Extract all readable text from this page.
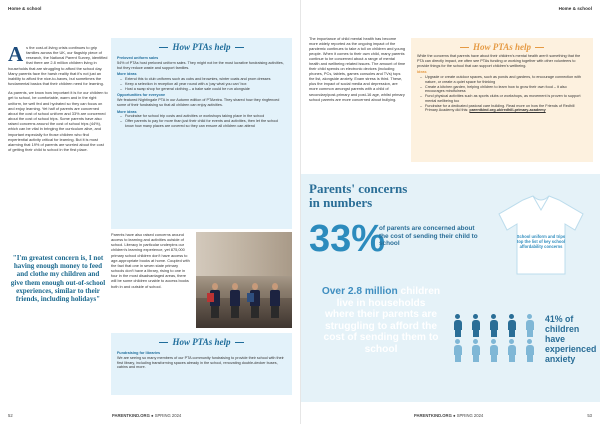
Home & school

As the cost-of-living crisis continues to grip families across the UK, our flagship piece of research, the National Parent Survey, identified that there are 2.8 million children living in households that are struggling to afford the school day. Many parents face the harsh reality that it's not just an inability to afford the nice-to-haves, but sometimes the fundamental basics that their children need for learning.

As parents, we know how important it is for our children to get to school, be comfortable, warm and in the right uniform, be well fed and hydrated so they can focus on and enjoy learning. Yet half of parents are concerned about the cost of school uniform and 33% are concerned about the cost of school trips. Some parents have also raised concerns around the cost of school trips (44%), which can be vital in bringing the curriculum alive, and important especially for those children who find experiential activity critical for learning. But it is most alarming that 19% of parents are worried about the cost of getting their child to school in the first place.

"I'm greatest concern is, I not having enough money to feed and clothe my children and give them enough out-of-school experiences, similar to their friends, including holidays"
How PTAs help
Preloved uniform sales

54% of PTAs host preloved uniform sales. They might not be the most lucrative fundraising activities, but they reduce waste and support families.

More ideas
– Extend this to club uniforms such as cubs and brownies, winter coats and prom dresses
– Keep a selection in reception all year round with a 'pay what you can' box
– Host a swap shop for general clothing – a bake sale could be run alongside
Opportunities for everyone

We featured Nightingale PTA in our Autumn edition of PTAextra. They shared how they ringfenced some of their fundraising so that all children can enjoy activities.

More ideas
– Fundraise for school trip costs and activities or workshops taking place in the school
– Offer parents to pay for more than just their child for events and activities, then let the school know how many places are covered so they can ensure all children can attend
Parents have also raised concerns around access to learning and activities outside of school. Literacy in particular underpins our children's learning experience, yet 875,000 primary school children don't have access to age-appropriate books at home. Coupled with the fact that one in seven state primary schools don't have a library, rising to one in four in the most disadvantaged areas, there will be some children unable to access books both in and outside of school.
How PTAs help
Fundraising for libraries

We are seeing so many members of our PTA community fundraising to provide their school with their first library, including transforming spaces already in the school, renovating double-decker buses, cabins and more.

52	PARENTKIND.ORG ● SPRING 2024
Home & school
The importance of child mental health has become more widely reported as the ongoing impact of the pandemic continues to take a toll on children and young people. When it comes to their own child, many parents continue to be concerned about a range of mental health and wellbeing related issues. The amount of time their child spends on electronic devices (including phones, PCs, tablets, games consoles and TVs) tops the list, alongside anxiety. Exam stress is third. These, plus the impact of social media and depression, are more common amongst parents with a child of secondary/post-primary and post-16 age, whilst primary school parents are more concerned about bullying.
How PTAs help

While the concerns that parents have about their children's mental health aren't something that the PTA can directly impact, we often see PTAs funding or working together with other volunteers to provide things for the school that can support children's wellbeing.

Ideas
– Upgrade or create outdoor spaces, such as ponds and gardens, to encourage connection with nature, or create a quiet space for thinking
– Create a kitchen garden, helping children to learn how to grow their own food – it also encourages mindfulness
– Fund physical activities such as sports clubs or workshops, as movement is proven to support mental wellbeing too
– Fundraise for a dedicated pastoral care building. Read more on how the Friends of Redhill Primary Academy did this: parentkind.org.uk/redhill-primary-academy
Parents' concerns
in numbers
33%
of parents are concerned about the cost of sending their child to school
School uniform and trips top the list of key school affordability concerns
Over 2.8 million children live in households where their parents are struggling to afford the cost of sending them to school
41% of children have experienced anxiety
PARENTKIND.ORG ● SPRING 2024	53
